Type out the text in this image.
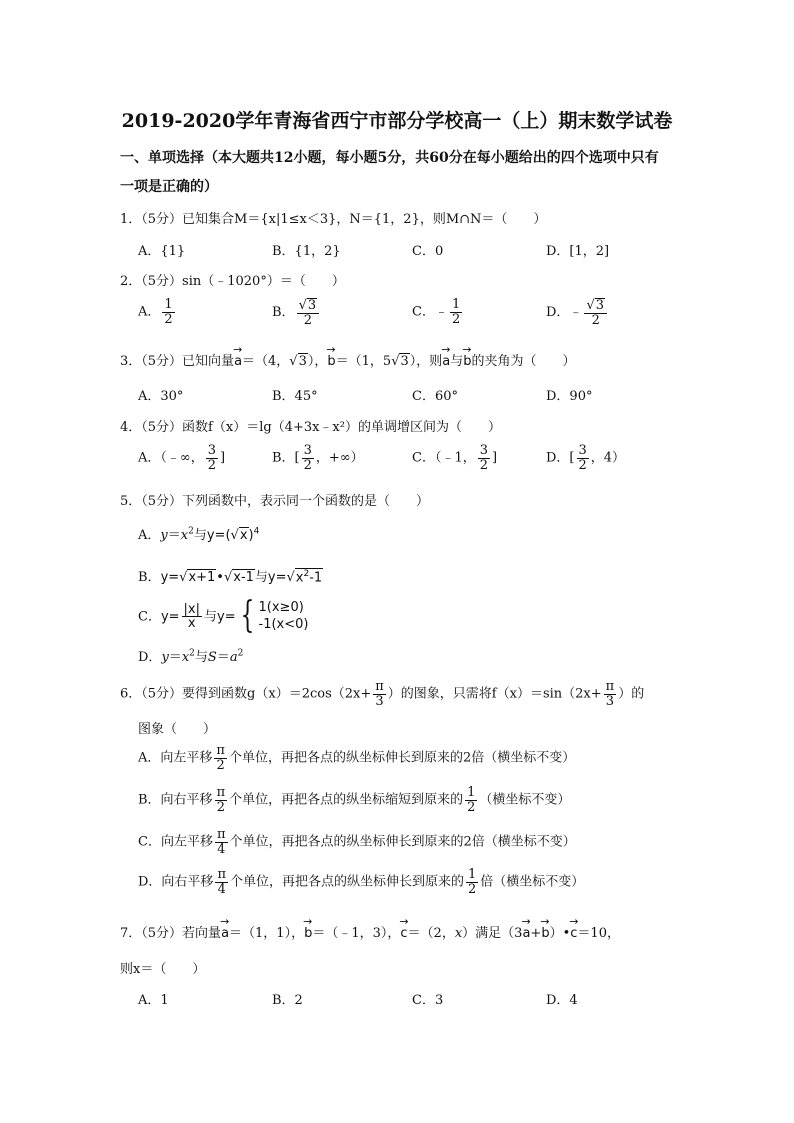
2019-2020学年青海省西宁市部分学校高一（上）期末数学试卷
一、单项选择（本大题共12小题，每小题5分，共60分在每小题给出的四个选项中只有
一项是正确的）
1．（5分）已知集合M＝{x|1≤x＜3}，N＝{1，2}，则M∩N＝（　　）
A．{1}	B．{1，2}	C．0	D．[1，2]
2．（5分）sin（﹣1020°）＝（　　）
A． $\frac{1}{2}$	B． $\frac{√3}{2}$	C．﹣ $\frac{1}{2}$	D．﹣ $\frac{√3}{2}$
3．（5分）已知向量→ a＝（4，√3），→ b＝（1，5√3），则→ a与→ b的夹角为（　　）
A．30°	B．45°	C．60°	D．90°
4．（5分）函数f（x）＝lg（4+3x﹣x²）的单调增区间为（　　）
A．（﹣∞， $\frac{3}{2}$ ]	B．[ $\frac{3}{2}$ ，+∞）	C．（﹣1， $\frac{3}{2}$ ]	D．[ $\frac{3}{2}$ ，4）
5．（5分）下列函数中，表示同一个函数的是（　　）
A．$y=x^2$与$y=(√x)^4$
B．y=√x+1•√x-1与$y=√x^2-1$
C．$y= \frac{|x|}{x}$ 与y= { 1(x≥0)
-1(x<0)
D．$y=x^2$与$S=a^2$
6．（5分）要得到函数$g(x)=2\cos(2x+ \frac{\pi}{3}$ ）的图象，只需将$f(x)=\sin(2x+ \frac{\pi}{3}$ ）的
图象（　　）
A．向左平移 $\frac{\pi}{2}$ 个单位，再把各点的纵坐标伸长到原来的2倍（横坐标不变）
B．向右平移 $\frac{\pi}{2}$ 个单位，再把各点的纵坐标缩短到原来的 $\frac{1}{2}$ （横坐标不变）
C．向左平移 $\frac{\pi}{4}$ 个单位，再把各点的纵坐标伸长到原来的2倍（横坐标不变）
D．向右平移 $\frac{\pi}{4}$ 个单位，再把各点的纵坐标伸长到原来的 $\frac{1}{2}$ 倍（横坐标不变）
7．（5分）若向量→ a＝（1，1），→ b＝（﹣1，3），→ c＝（2，x）满足（3→ a+→ b）•→ c＝10，
则x＝（　　）
A．1	B．2	C．3	D．4
